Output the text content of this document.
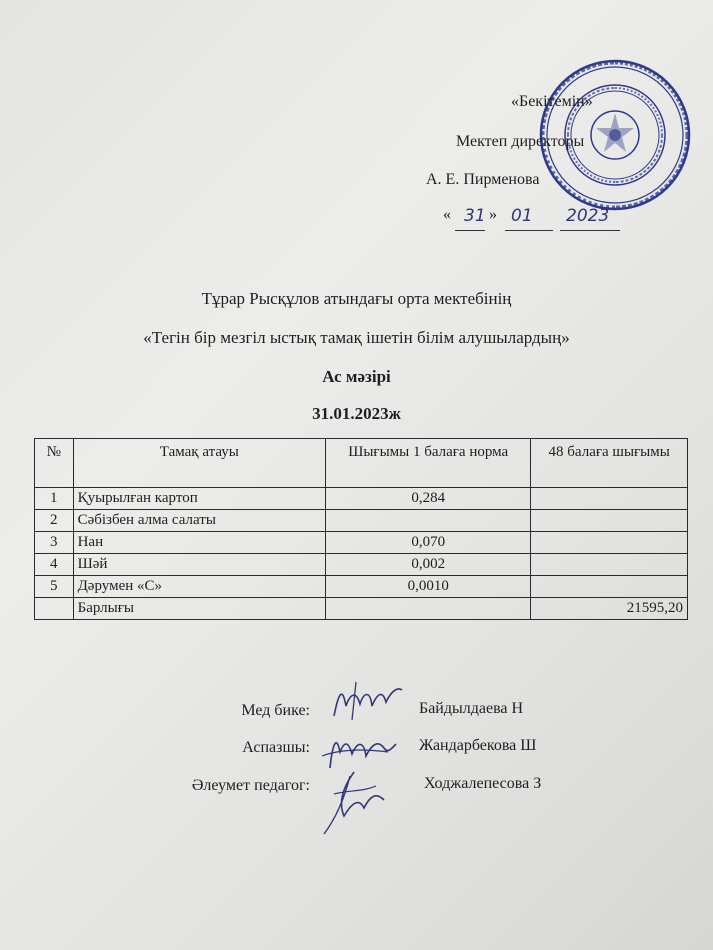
«Бекітемін»
Мектеп директоры
А. Е. Пирменова
« 31 » 01 2023
Тұрар Рысқұлов атындағы орта мектебінің
«Тегін бір мезгіл ыстық тамақ ішетін білім алушылардың»
Ас мәзірі
31.01.2023ж
№	Тамақ атауы	Шығымы 1 балаға норма	48 балаға шығымы
1	Қуырылған картоп	0,284	
2	Сәбізбен алма салаты		
3	Нан	0,070	
4	Шәй	0,002	
5	Дәрумен «С»	0,0010	
	Барлығы		21595,20
Мед бике:	Байдылдаева Н
Аспазшы:	Жандарбекова Ш
Әлеумет педагог:	Ходжалепесова З
